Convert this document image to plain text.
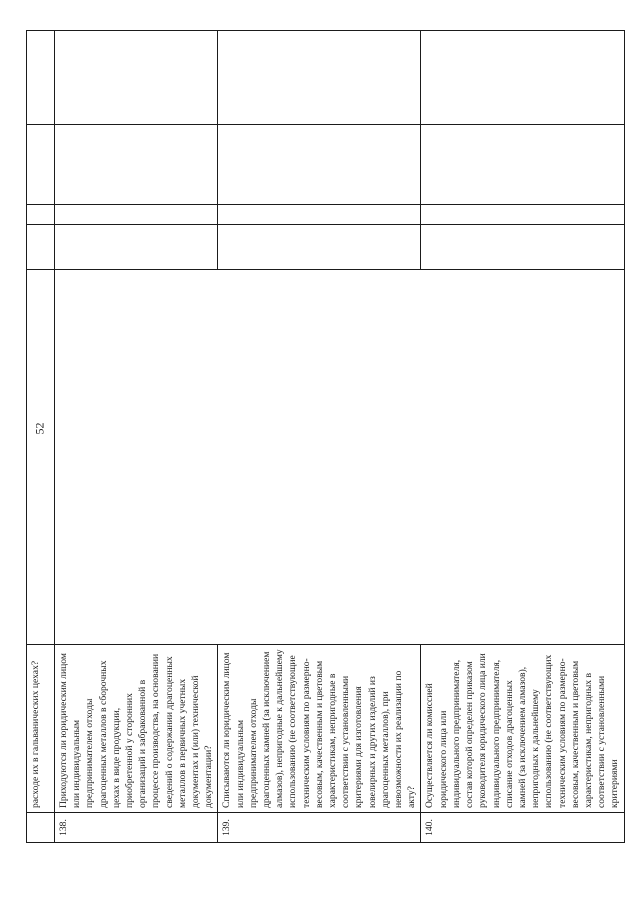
52
	расходе их в гальванических цехах?					
138.	Приходуются ли юридическим лицом или индивидуальным предпринимателем отходы драгоценных металлов в сборочных цехах в виде продукции, приобретенной у сторонних организаций и забракованной в процессе производства, на основании сведений о содержании драгоценных металлов в первичных учетных документах и (или) технической документации?					
139.	Списываются ли юридическим лицом или индивидуальным предпринимателем отходы драгоценных камней (за исключением алмазов), непригодные к дальнейшему использованию (не соответствующие техническим условиям по размерно-весовым, качественным и цветовым характеристикам, непригодные в соответствии с установленными критериями для изготовления ювелирных и других изделий из драгоценных металлов), при невозможности их реализации по акту?					
140.	Осуществляется ли комиссией юридического лица или индивидуального предпринимателя, состав которой определен приказом руководителя юридического лица или индивидуального предпринимателя, списание отходов драгоценных камней (за исключением алмазов), непригодных к дальнейшему использованию (не соответствующих техническим условиям по размерно-весовым, качественным и цветовым характеристикам, непригодных в соответствии с установленными критериями					
